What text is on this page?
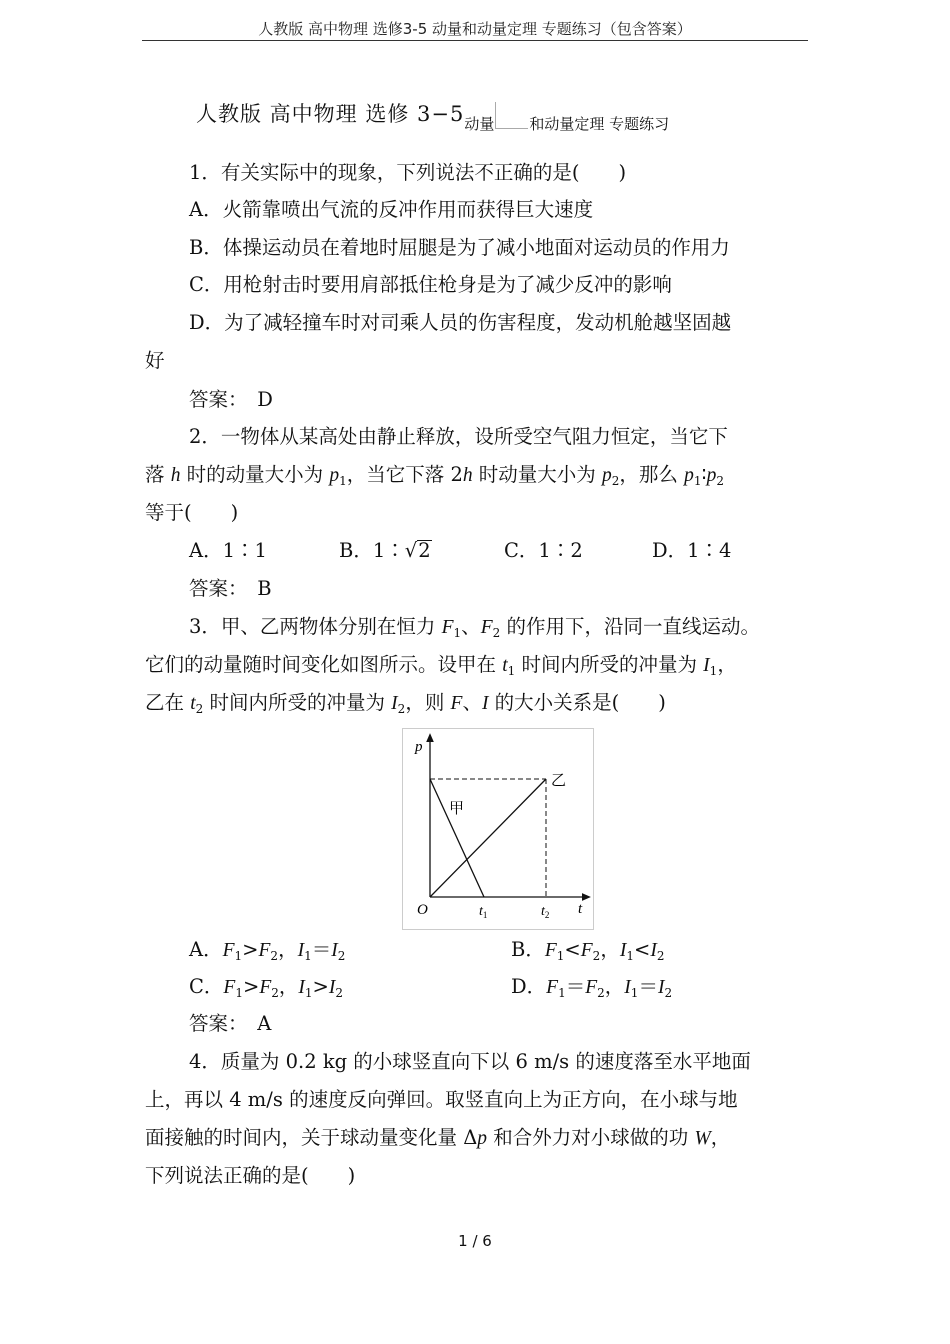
人教版 高中物理 选修3-5 动量和动量定理 专题练习（包含答案）
人教版 高中物理 选修 3−5动量 和动量定理 专题练习
1．有关实际中的现象，下列说法不正确的是(　　)
A．火箭靠喷出气流的反冲作用而获得巨大速度
B．体操运动员在着地时屈腿是为了减小地面对运动员的作用力
C．用枪射击时要用肩部抵住枪身是为了减少反冲的影响
D．为了减轻撞车时对司乘人员的伤害程度，发动机舱越坚固越
好
答案：　D
2．一物体从某高处由静止释放，设所受空气阻力恒定，当它下
落 h 时的动量大小为 $p_1$，当它下落 2h 时动量大小为 $p_2$，那么 $p_1∶p_2$
等于(　　)
A．1∶1	B．1∶√2	C．1∶2	D．1∶4
答案：　B
3．甲、乙两物体分别在恒力 $F_1$、$F_2$ 的作用下，沿同一直线运动。
它们的动量随时间变化如图所示。设甲在 $t_1$ 时间内所受的冲量为 $I_1$，
乙在 $t_2$ 时间内所受的冲量为 $I_2$，则 F、I 的大小关系是(　　)
p
O	t
$t_1$	$t_2$
甲
乙
A．$F_1>F_2$，$I_1=I_2$	B．$F_1<F_2$，$I_1<I_2$
C．$F_1>F_2$，$I_1>I_2$	D．$F_1=F_2$，$I_1=I_2$
答案：　A
4．质量为 0.2 kg 的小球竖直向下以 6 m/s 的速度落至水平地面
上，再以 4 m/s 的速度反向弹回。取竖直向上为正方向，在小球与地
面接触的时间内，关于球动量变化量 Δp 和合外力对小球做的功 W，
下列说法正确的是(　　)
1 / 6
